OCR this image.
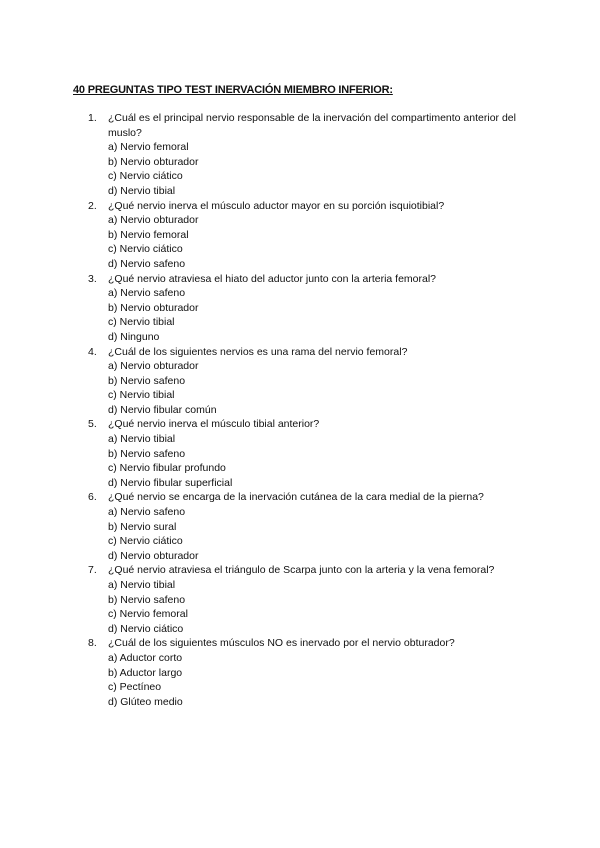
40 PREGUNTAS TIPO TEST INERVACIÓN MIEMBRO INFERIOR:
1. ¿Cuál es el principal nervio responsable de la inervación del compartimento anterior del muslo?
a) Nervio femoral
b) Nervio obturador
c) Nervio ciático
d) Nervio tibial
2. ¿Qué nervio inerva el músculo aductor mayor en su porción isquiotibial?
a) Nervio obturador
b) Nervio femoral
c) Nervio ciático
d) Nervio safeno
3. ¿Qué nervio atraviesa el hiato del aductor junto con la arteria femoral?
a) Nervio safeno
b) Nervio obturador
c) Nervio tibial
d) Ninguno
4. ¿Cuál de los siguientes nervios es una rama del nervio femoral?
a) Nervio obturador
b) Nervio safeno
c) Nervio tibial
d) Nervio fibular común
5. ¿Qué nervio inerva el músculo tibial anterior?
a) Nervio tibial
b) Nervio safeno
c) Nervio fibular profundo
d) Nervio fibular superficial
6. ¿Qué nervio se encarga de la inervación cutánea de la cara medial de la pierna?
a) Nervio safeno
b) Nervio sural
c) Nervio ciático
d) Nervio obturador
7. ¿Qué nervio atraviesa el triángulo de Scarpa junto con la arteria y la vena femoral?
a) Nervio tibial
b) Nervio safeno
c) Nervio femoral
d) Nervio ciático
8. ¿Cuál de los siguientes músculos NO es inervado por el nervio obturador?
a) Aductor corto
b) Aductor largo
c) Pectíneo
d) Glúteo medio
